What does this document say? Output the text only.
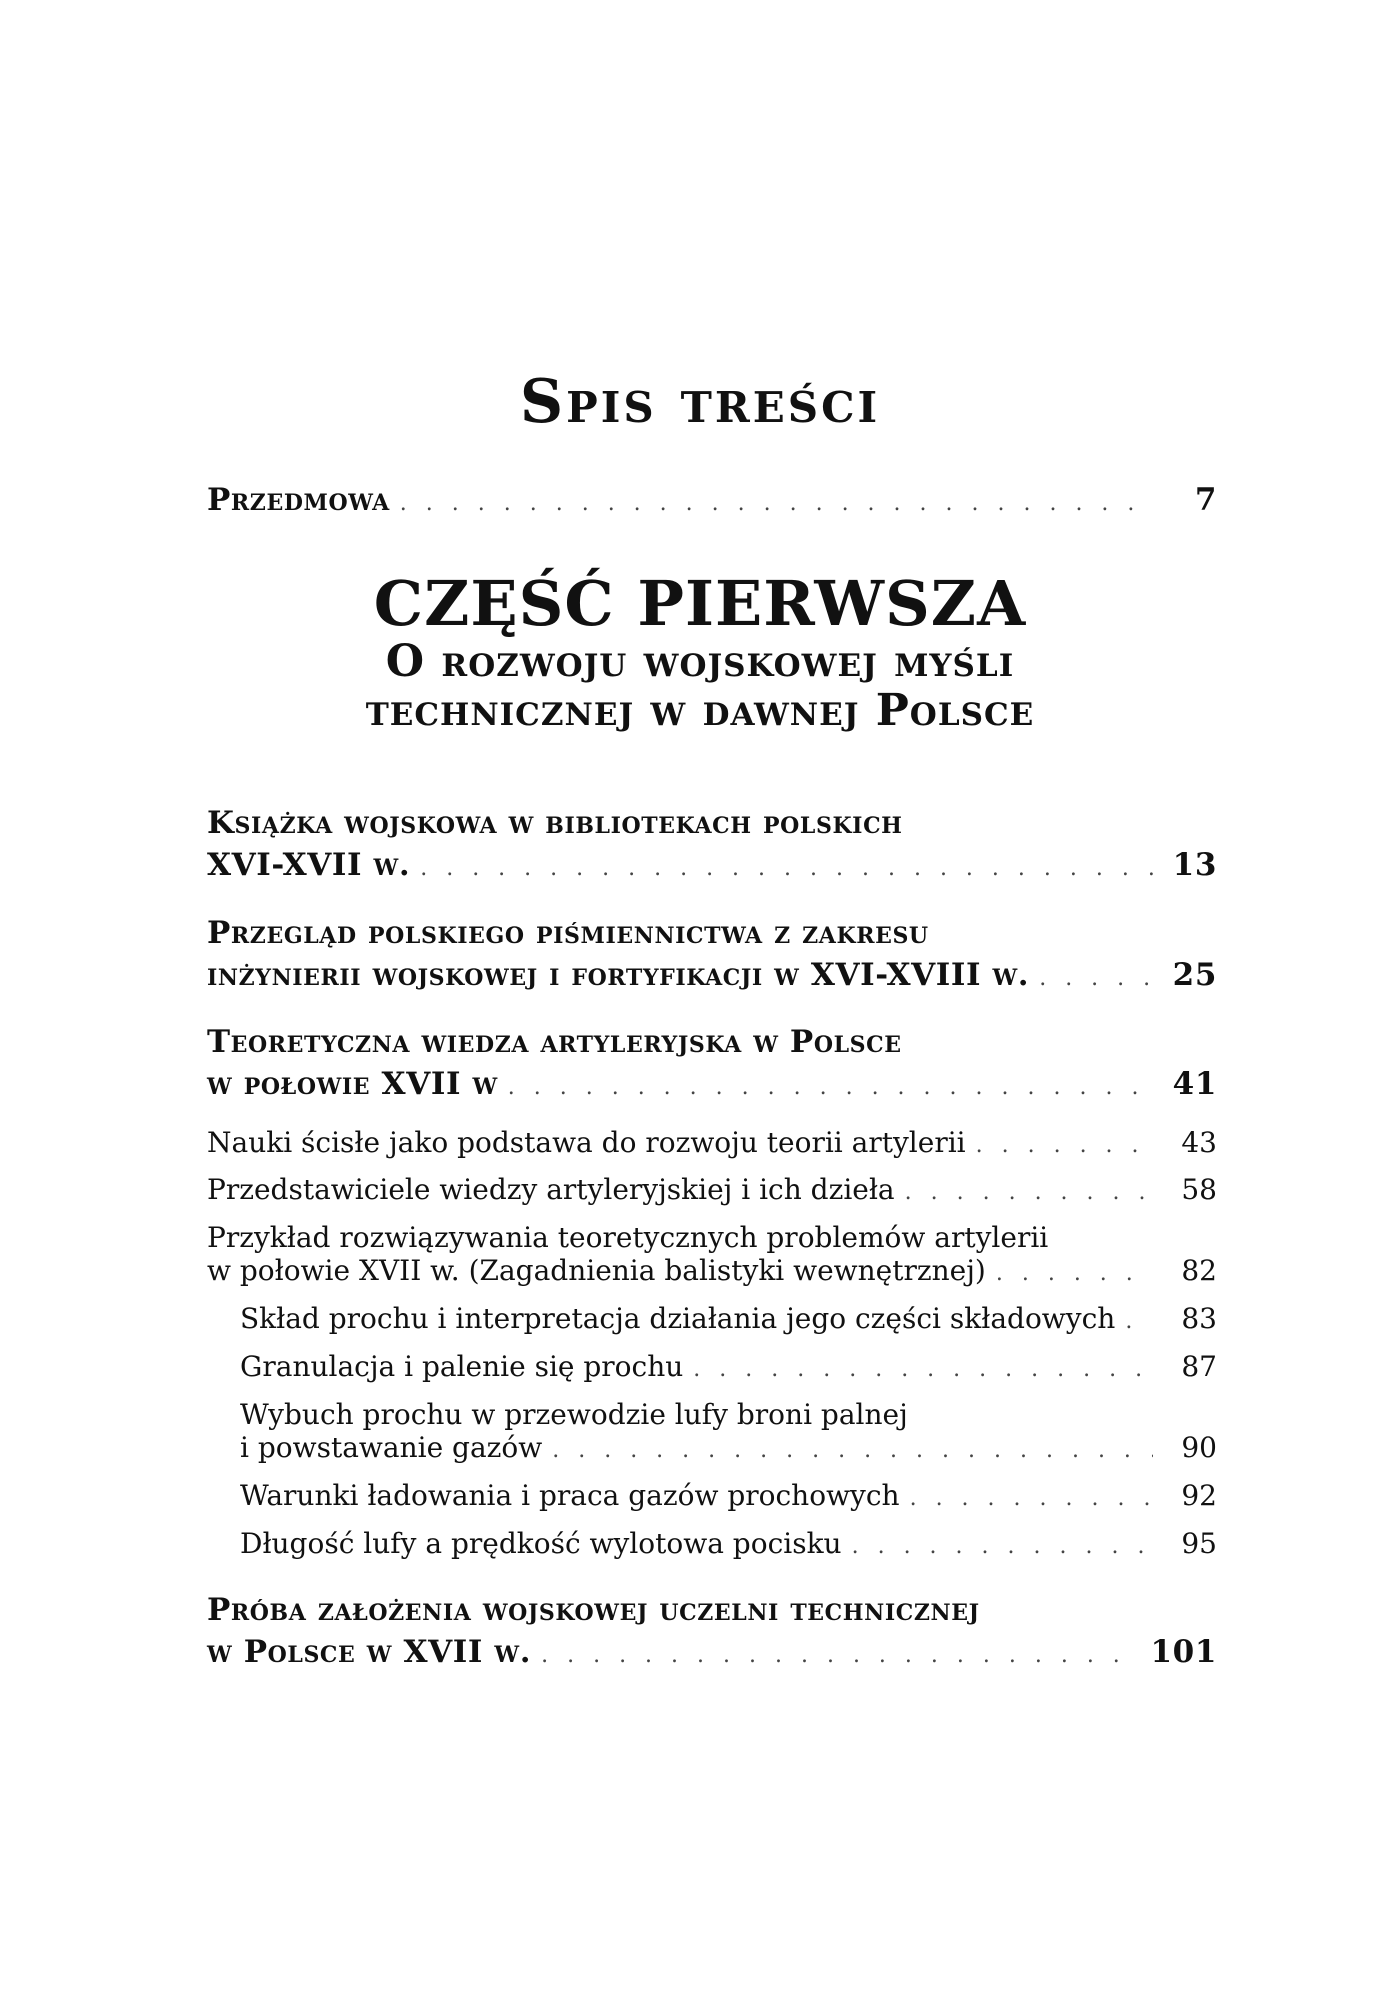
Spis treści
Przedmowa . . .	7
CZĘŚĆ PIERWSZA
O rozwoju wojskowej myśli
technicznej w dawnej Polsce
Książka wojskowa w bibliotekach polskich
XVI-XVII w. . . .	13
Przegląd polskiego piśmiennictwa z zakresu
inżynierii wojskowej i fortyfikacji w XVI-XVIII w. . . .	25
Teoretyczna wiedza artyleryjska w Polsce
w połowie XVII w . . .	41
Nauki ścisłe jako podstawa do rozwoju teorii artylerii . . .	43
Przedstawiciele wiedzy artyleryjskiej i ich dzieła . . .	58
Przykład rozwiązywania teoretycznych problemów artylerii
w połowie XVII w. (Zagadnienia balistyki wewnętrznej) . . .	82
Skład prochu i interpretacja działania jego części składowych . . .	83
Granulacja i palenie się prochu . . .	87
Wybuch prochu w przewodzie lufy broni palnej
i powstawanie gazów . . .	90
Warunki ładowania i praca gazów prochowych . . .	92
Długość lufy a prędkość wylotowa pocisku . . .	95
Próba założenia wojskowej uczelni technicznej
w Polsce w XVII w. . . .	101
